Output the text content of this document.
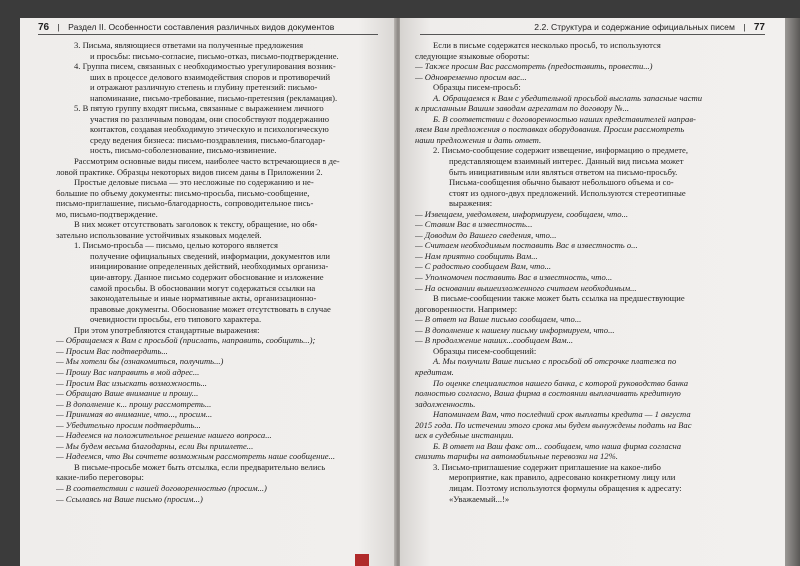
76 | Раздел II. Особенности составления различных видов документов
3. Письма, являющиеся ответами на полученные предложения
и просьбы: письмо-согласие, письмо-отказ, письмо-подтверждение.
4. Группа писем, связанных с необходимостью урегулирования возник-
ших в процессе делового взаимодействия споров и противоречий
и отражают различную степень и глубину претензий: письмо-
напоминание, письмо-требование, письмо-претензия (рекламация).
5. В пятую группу входят письма, связанные с выражением личного
участия по различным поводам, они способствуют поддержанию
контактов, создавая необходимую этическую и психологическую
среду ведения бизнеса: письмо-поздравления, письмо-благодар-
ность, письмо-соболезнование, письмо-извинение.
Рассмотрим основные виды писем, наиболее часто встречающиеся в де-
ловой практике. Образцы некоторых видов писем даны в Приложении 2.
Простые деловые письма — это несложные по содержанию и не-
большие по объему документы: письмо-просьба, письмо-сообщение,
письмо-приглашение, письмо-благодарность, сопроводительное пись-
мо, письмо-подтверждение.
В них может отсутствовать заголовок к тексту, обращение, но обя-
зательно использование устойчивых языковых моделей.
1. Письмо-просьба — письмо, целью которого является
получение официальных сведений, информации, документов или
инициирование определенных действий, необходимых организа-
ции-автору. Данное письмо содержит обоснование и изложение
самой просьбы. В обосновании могут содержаться ссылки на
законодательные и иные нормативные акты, организационно-
правовые документы. Обоснование может отсутствовать в случае
очевидности просьбы, его типового характера.
При этом употребляются стандартные выражения:
— Обращаемся к Вам с просьбой (прислать, направить, сообщить...);
— Просим Вас подтвердить...
— Мы хотели бы (ознакомиться, получить...)
— Прошу Вас направить в мой адрес...
— Просим Вас изыскать возможность...
— Обращаю Ваше внимание и прошу...
— В дополнение к... прошу рассмотреть...
— Принимая во внимание, что..., просим...
— Убедительно просим подтвердить...
— Надеемся на положительное решение нашего вопроса...
— Мы будем весьма благодарны, если Вы пришлете...
— Надеемся, что Вы сочтете возможным рассмотреть наше сообщение...
В письме-просьбе может быть отсылка, если предварительно велись
какие-либо переговоры:
— В соответствии с нашей договоренностью (просим...)
— Ссылаясь на Ваше письмо (просим...)
2.2. Структура и содержание официальных писем | 77
Если в письме содержатся несколько просьб, то используются
следующие языковые обороты:
— Также просим Вас рассмотреть (предоставить, провести...)
— Одновременно просим вас...
Образцы писем-просьб:
А. Обращаемся к Вам с убедительной просьбой выслать запасные части
к присланным Вашим заводам агрегатам по договору №...
Б. В соответствии с договоренностью наших представителей направ-
ляем Вам предложения о поставках оборудования. Просим рассмотреть
наши предложения и дать ответ.
2. Письмо-сообщение содержит извещение, информацию о предмете,
представляющем взаимный интерес. Данный вид письма может
быть инициативным или являться ответом на письмо-просьбу.
Письма-сообщения обычно бывают небольшого объема и со-
стоят из одного-двух предложений. Используются стереотипные
выражения:
— Извещаем, уведомляем, информируем, сообщаем, что...
— Ставим Вас в известность...
— Доводим до Вашего сведения, что...
— Считаем необходимым поставить Вас в известность о...
— Нам приятно сообщить Вам...
— С радостью сообщаем Вам, что...
— Уполномочен поставить Вас в известность, что...
— На основании вышеизложенного считаем необходимым...
В письме-сообщении также может быть ссылка на предшествующие
договоренности. Например:
— В ответ на Ваше письмо сообщаем, что...
— В дополнение к нашему письму информируем, что...
— В продолжение наших...сообщаем Вам...
Образцы писем-сообщений:
А. Мы получили Ваше письмо с просьбой об отсрочке платежа по
кредитам.
По оценке специалистов нашего банка, с которой руководство банка
полностью согласно, Ваша фирма в состоянии выплачивать кредитную
задолженность.
Напоминаем Вам, что последний срок выплаты кредита — 1 августа
2015 года. По истечении этого срока мы будем вынуждены подать на Вас
иск в судебные инстанции.
Б. В ответ на Ваш факс от... сообщаем, что наша фирма согласна
снизить тарифы на автомобильные перевозки на 12%.
3. Письмо-приглашение содержит приглашение на какое-либо
мероприятие, как правило, адресовано конкретному лицу или
лицам. Поэтому используются формулы обращения к адресату:
«Уважаемый...!»
